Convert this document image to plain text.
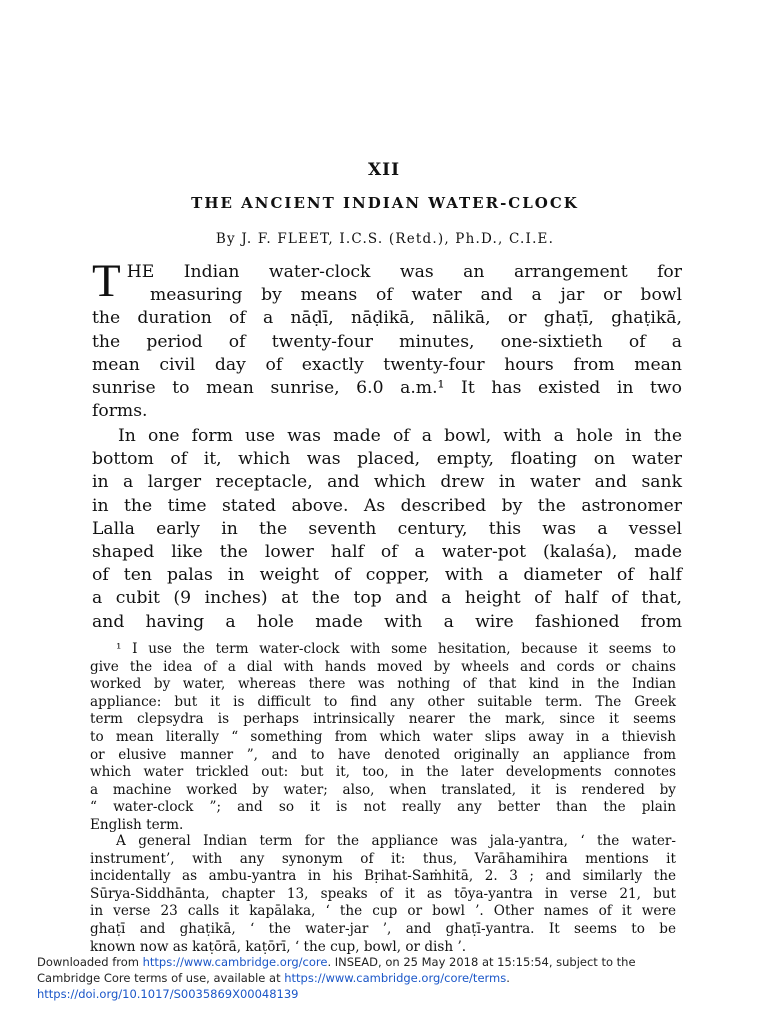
XII
THE ANCIENT INDIAN WATER-CLOCK
By J. F. FLEET, I.C.S. (Retd.), Ph.D., C.I.E.
T HE Indian water-clock was an arrangement for
measuring by means of water and a jar or bowl
the duration of a nāḍī, nāḍikā, nālikā, or ghaṭī, ghaṭikā,
the period of twenty-four minutes, one-sixtieth of a
mean civil day of exactly twenty-four hours from mean
sunrise to mean sunrise, 6.0 a.m.¹ It has existed in two
forms.
In one form use was made of a bowl, with a hole in the
bottom of it, which was placed, empty, floating on water
in a larger receptacle, and which drew in water and sank
in the time stated above. As described by the astronomer
Lalla early in the seventh century, this was a vessel
shaped like the lower half of a water-pot (kalaśa), made
of ten palas in weight of copper, with a diameter of half
a cubit (9 inches) at the top and a height of half of that,
and having a hole made with a wire fashioned from
¹ I use the term water-clock with some hesitation, because it seems to
give the idea of a dial with hands moved by wheels and cords or chains
worked by water, whereas there was nothing of that kind in the Indian
appliance: but it is difficult to find any other suitable term. The Greek
term clepsydra is perhaps intrinsically nearer the mark, since it seems
to mean literally “ something from which water slips away in a thievish
or elusive manner ”, and to have denoted originally an appliance from
which water trickled out: but it, too, in the later developments connotes
a machine worked by water; also, when translated, it is rendered by
“ water-clock ”; and so it is not really any better than the plain
English term.
A general Indian term for the appliance was jala-yantra, ‘ the water-
instrument’, with any synonym of it: thus, Varāhamihira mentions it
incidentally as ambu-yantra in his Bṛihat-Saṁhitā, 2. 3 ; and similarly the
Sūrya-Siddhānta, chapter 13, speaks of it as tōya-yantra in verse 21, but
in verse 23 calls it kapālaka, ‘ the cup or bowl ’. Other names of it were
ghaṭī and ghaṭikā, ‘ the water-jar ’, and ghaṭī-yantra. It seems to be
known now as kaṭōrā, kaṭōrī, ‘ the cup, bowl, or dish ’.
Downloaded from https://www.cambridge.org/core. INSEAD, on 25 May 2018 at 15:15:54, subject to the
Cambridge Core terms of use, available at https://www.cambridge.org/core/terms.
https://doi.org/10.1017/S0035869X00048139
